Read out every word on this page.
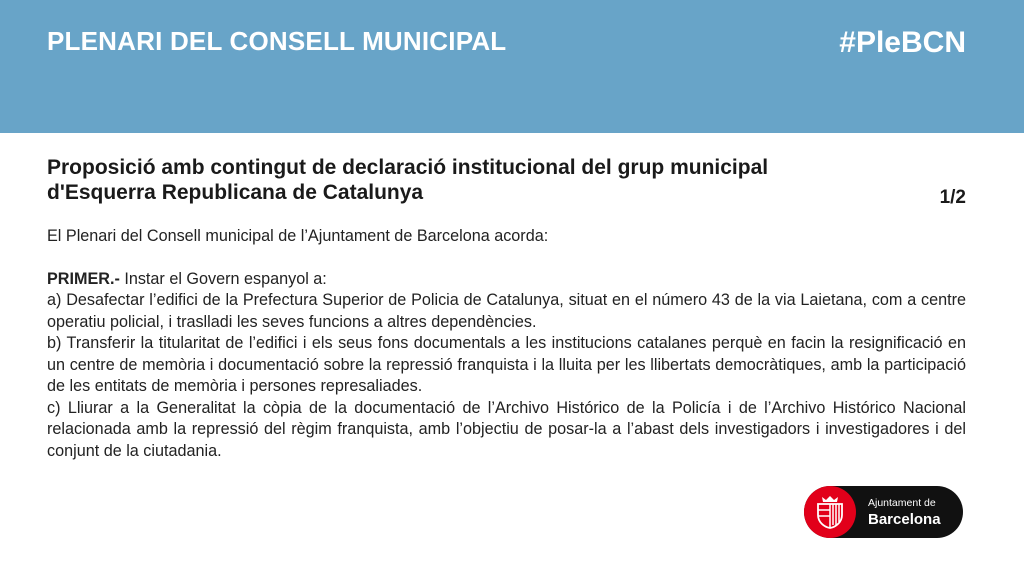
PLENARI DEL CONSELL MUNICIPAL	#PleBCN
Proposició amb contingut de declaració institucional del grup municipal
d'Esquerra Republicana de Catalunya	1/2

El Plenari del Consell municipal de l’Ajuntament de Barcelona acorda:

PRIMER.- Instar el Govern espanyol a:

a) Desafectar l’edifici de la Prefectura Superior de Policia de Catalunya, situat en el número 43 de la via Laietana, com a centre operatiu policial, i traslladi les seves funcions a altres dependències.

b) Transferir la titularitat de l’edifici i els seus fons documentals a les institucions catalanes perquè en facin la resignificació en un centre de memòria i documentació sobre la repressió franquista i la lluita per les llibertats democràtiques, amb la participació de les entitats de memòria i persones represaliades.

c) Lliurar a la Generalitat la còpia de la documentació de l’Archivo Histórico de la Policía i de l’Archivo Histórico Nacional relacionada amb la repressió del règim franquista, amb l’objectiu de posar-la a l’abast dels investigadors i investigadores i del conjunt de la ciutadania.

Ajuntament de
Barcelona
